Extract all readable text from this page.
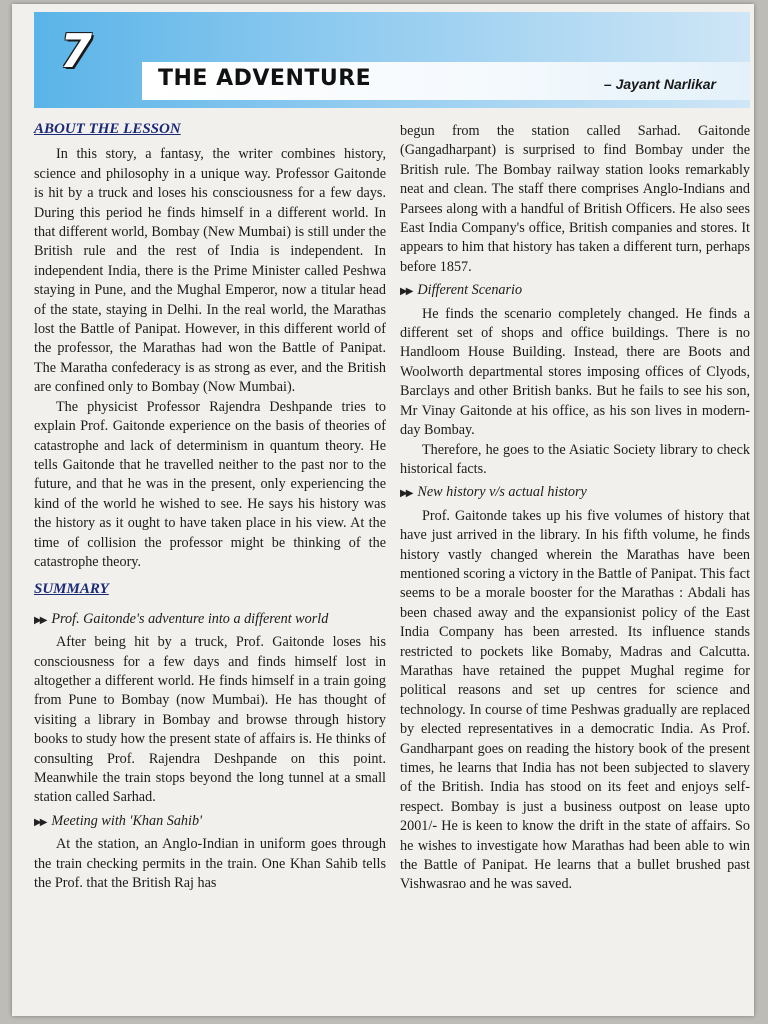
7
THE ADVENTURE	– Jayant Narlikar
ABOUT THE LESSON

In this story, a fantasy, the writer combines history, science and philosophy in a unique way. Professor Gaitonde is hit by a truck and loses his consciousness for a few days. During this period he finds himself in a different world. In that different world, Bombay (New Mumbai) is still under the British rule and the rest of India is independent. In independent India, there is the Prime Minister called Peshwa staying in Pune, and the Mughal Emperor, now a titular head of the state, staying in Delhi. In the real world, the Marathas lost the Battle of Panipat. However, in this different world of the professor, the Marathas had won the Battle of Panipat. The Maratha confederacy is as strong as ever, and the British are confined only to Bombay (Now Mumbai).

The physicist Professor Rajendra Deshpande tries to explain Prof. Gaitonde experience on the basis of theories of catastrophe and lack of determinism in quantum theory. He tells Gaitonde that he travelled neither to the past nor to the future, and that he was in the present, only experiencing the kind of the world he wished to see. He says his history was the history as it ought to have taken place in his view. At the time of collision the professor might be thinking of the catastrophe theory.

SUMMARY
▶▶ Prof. Gaitonde's adventure into a different world

After being hit by a truck, Prof. Gaitonde loses his consciousness for a few days and finds himself lost in altogether a different world. He finds himself in a train going from Pune to Bombay (now Mumbai). He has thought of visiting a library in Bombay and browse through history books to study how the present state of affairs is. He thinks of consulting Prof. Rajendra Deshpande on this point. Meanwhile the train stops beyond the long tunnel at a small station called Sarhad.

▶▶ Meeting with 'Khan Sahib'

At the station, an Anglo-Indian in uniform goes through the train checking permits in the train. One Khan Sahib tells the Prof. that the British Raj has

begun from the station called Sarhad. Gaitonde (Gangadharpant) is surprised to find Bombay under the British rule. The Bombay railway station looks remarkably neat and clean. The staff there comprises Anglo-Indians and Parsees along with a handful of British Officers. He also sees East India Company's office, British companies and stores. It appears to him that history has taken a different turn, perhaps before 1857.

▶▶ Different Scenario

He finds the scenario completely changed. He finds a different set of shops and office buildings. There is no Handloom House Building. Instead, there are Boots and Woolworth departmental stores imposing offices of Clyods, Barclays and other British banks. But he fails to see his son, Mr Vinay Gaitonde at his office, as his son lives in modern-day Bombay.

Therefore, he goes to the Asiatic Society library to check historical facts.

▶▶ New history v/s actual history

Prof. Gaitonde takes up his five volumes of history that have just arrived in the library. In his fifth volume, he finds history vastly changed wherein the Marathas have been mentioned scoring a victory in the Battle of Panipat. This fact seems to be a morale booster for the Marathas : Abdali has been chased away and the expansionist policy of the East India Company has been arrested. Its influence stands restricted to pockets like Bomaby, Madras and Calcutta. Marathas have retained the puppet Mughal regime for political reasons and set up centres for science and technology. In course of time Peshwas gradually are replaced by elected representatives in a democratic India. As Prof. Gandharpant goes on reading the history book of the present times, he learns that India has not been subjected to slavery of the British. India has stood on its feet and enjoys self-respect. Bombay is just a business outpost on lease upto 2001/- He is keen to know the drift in the state of affairs. So he wishes to investigate how Marathas had been able to win the Battle of Panipat. He learns that a bullet brushed past Vishwasrao and he was saved.
